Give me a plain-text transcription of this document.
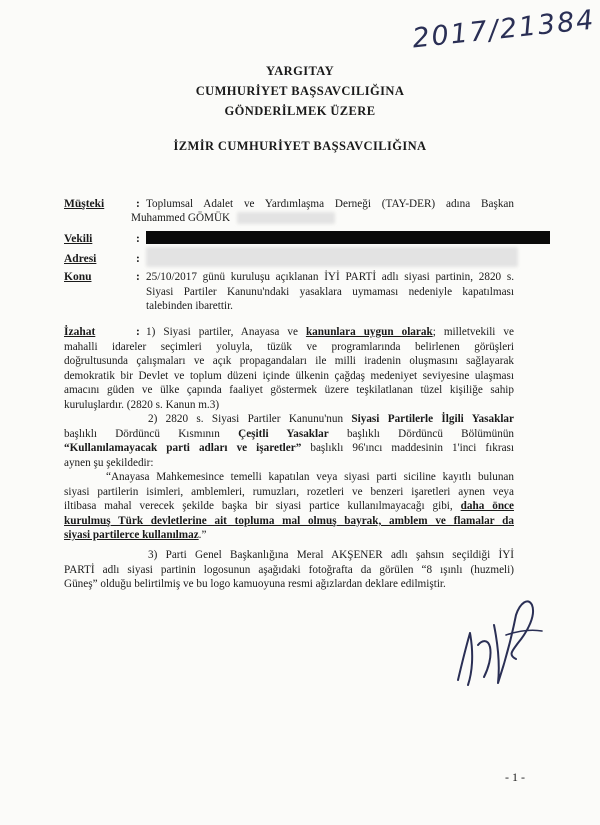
2017/21384
YARGITAY
CUMHURİYET BAŞSAVCILIĞINA
GÖNDERİLMEK ÜZERE
İZMİR CUMHURİYET BAŞSAVCILIĞINA
Müşteki	: Toplumsal Adalet ve Yardımlaşma Derneği (TAY-DER) adına Başkan
Muhammed GÖMÜK
Vekili	:
Adresi	:
Konu	: 25/10/2017 günü kuruluşu açıklanan İYİ PARTİ adlı siyasi partinin, 2820 s.
Siyasi Partiler Kanunu'ndaki yasaklara uymaması nedeniyle kapatılması
talebinden ibarettir.
İzahat	: 1) Siyasi partiler, Anayasa ve kanunlara uygun olarak; milletvekili ve
mahalli idareler seçimleri yoluyla, tüzük ve programlarında belirlenen görüşleri
doğrultusunda çalışmaları ve açık propagandaları ile milli iradenin oluşmasını sağlayarak
demokratik bir Devlet ve toplum düzeni içinde ülkenin çağdaş medeniyet seviyesine ulaşması
amacını güden ve ülke çapında faaliyet göstermek üzere teşkilatlanan tüzel kişiliğe sahip
kuruluşlardır. (2820 s. Kanun m.3)
2) 2820 s. Siyasi Partiler Kanunu'nun Siyasi Partilerle İlgili Yasaklar
başlıklı Dördüncü Kısmının Çeşitli Yasaklar başlıklı Dördüncü Bölümünün
“Kullanılamayacak parti adları ve işaretler” başlıklı 96'ıncı maddesinin 1'inci fıkrası
aynen şu şekildedir:
“Anayasa Mahkemesince temelli kapatılan veya siyasi parti siciline kayıtlı bulunan
siyasi partilerin isimleri, amblemleri, rumuzları, rozetleri ve benzeri işaretleri aynen veya
iltibasa mahal verecek şekilde başka bir siyasi partice kullanılmayacağı gibi, daha önce
kurulmuş Türk devletlerine ait topluma mal olmuş bayrak, amblem ve flamalar da
siyasi partilerce kullanılmaz.”
3) Parti Genel Başkanlığına Meral AKŞENER adlı şahsın seçildiği İYİ
PARTİ adlı siyasi partinin logosunun aşağıdaki fotoğrafta da görülen “8 ışınlı (huzmeli)
Güneş” olduğu belirtilmiş ve bu logo kamuoyuna resmi ağızlardan deklare edilmiştir.
- 1 -
